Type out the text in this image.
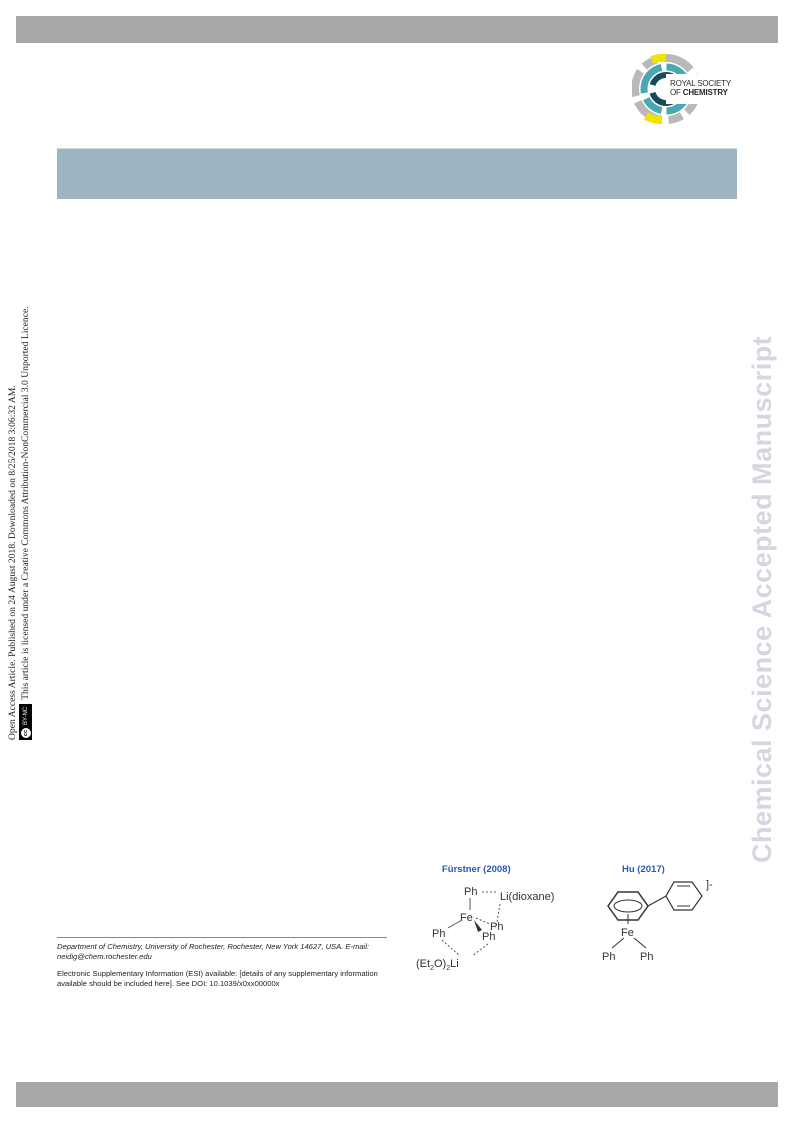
ROYAL SOCIETY
OF CHEMISTRY
Open Access Article. Published on 24 August 2018. Downloaded on 8/25/2018 3:06:32 AM. cc
BY-NC
This article is licensed under a Creative Commons Attribution-NonCommercial 3.0 Unported Licence.	Chemical Science Accepted Manuscript
Fürstner (2008)	Hu (2017)
Ph Li(dioxane)
Fe
Ph
Ph
Ph
$(Et_2O)_2Li$
]-
Fe
Ph Ph
Department of Chemistry, University of Rochester, Rochester, New York 14627, USA. E-mail: neidig@chem.rochester.edu
Electronic Supplementary Information (ESI) available: [details of any supplementary information available should be included here]. See DOI: 10.1039/x0xx00000x
